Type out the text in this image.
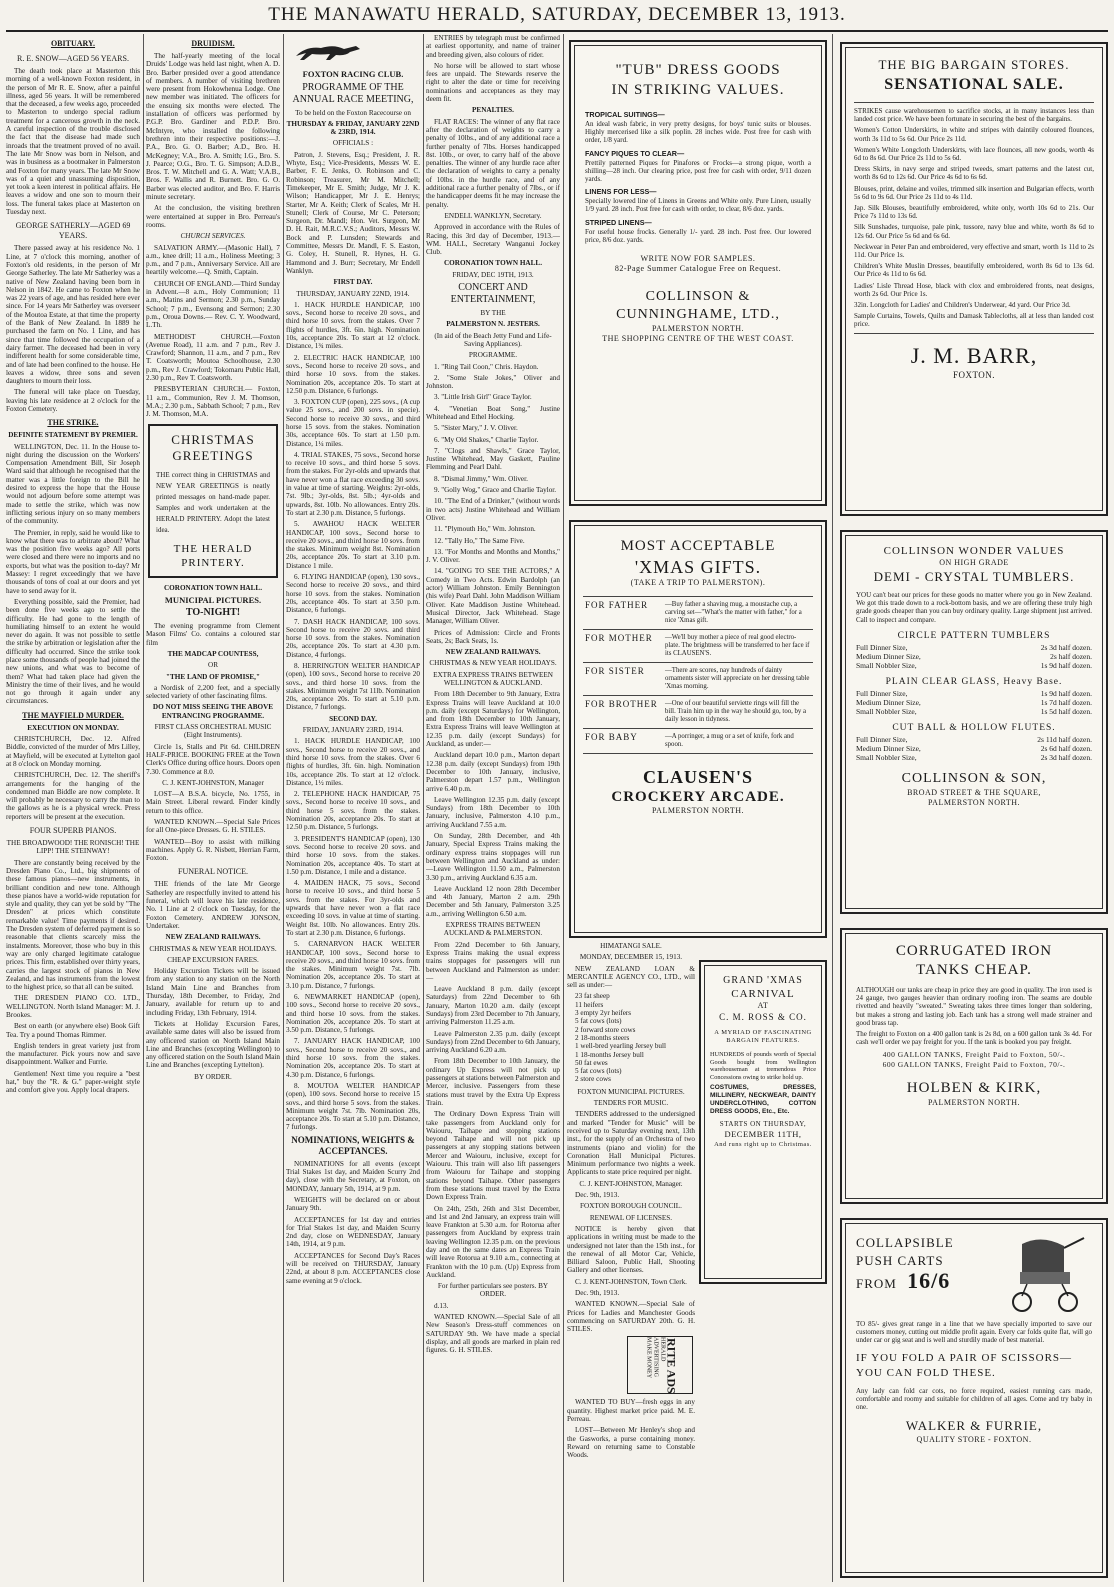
THE MANAWATU HERALD, SATURDAY, DECEMBER 13, 1913.
OBITUARY.
R. E. SNOW—AGED 56 YEARS.

The death took place at Masterton this morning of a well-known Foxton resident, in the person of Mr R. E. Snow, after a painful illness, aged 56 years. It will be remembered that the deceased, a few weeks ago, proceeded to Masterton to undergo special radium treatment for a cancerous growth in the neck. A careful inspection of the trouble disclosed the fact that the disease had made such inroads that the treatment proved of no avail. The late Mr Snow was born in Nelson, and was in business as a bootmaker in Palmerston and Foxton for many years. The late Mr Snow was of a quiet and unassuming disposition, yet took a keen interest in political affairs. He leaves a widow and one son to mourn their loss. The funeral takes place at Masterton on Tuesday next.

GEORGE SATHERLY—AGED 69 YEARS.

There passed away at his residence No. 1 Line, at 7 o'clock this morning, another of Foxton's old residents, in the person of Mr George Satherley. The late Mr Satherley was a native of New Zealand having been born in Nelson in 1842. He came to Foxton when he was 22 years of age, and has resided here ever since. For 14 years Mr Satherley was overseer of the Moutoa Estate, at that time the property of the Bank of New Zealand. In 1889 he purchased the farm on No. 1 Line, and has since that time followed the occupation of a dairy farmer. The deceased had been in very indifferent health for some considerable time, and of late had been confined to the house. He leaves a widow, three sons and seven daughters to mourn their loss.

The funeral will take place on Tuesday, leaving his late residence at 2 o'clock for the Foxton Cemetery.

THE STRIKE.

DEFINITE STATEMENT BY PREMIER.

WELLINGTON, Dec. 11. In the House to-night during the discussion on the Workers' Compensation Amendment Bill, Sir Joseph Ward said that although he recognised that the matter was a little foreign to the Bill he desired to express the hope that the House would not adjourn before some attempt was made to settle the strike, which was now inflicting serious injury on so many members of the community.

The Premier, in reply, said he would like to know what there was to arbitrate about? What was the position five weeks ago? All ports were closed and there were no imports and no exports, but what was the position to-day? Mr Massey: I regret exceedingly that we have thousands of tons of coal at our doors and yet have to send away for it.

Everything possible, said the Premier, had been done five weeks ago to settle the difficulty. He had gone to the length of humiliating himself to an extent he would never do again. It was not possible to settle the strike by arbitration or legislation after the difficulty had occurred. Since the strike took place some thousands of people had joined the new unions, and what was to become of them? What had taken place had given the Ministry the time of their lives, and he would not go through it again under any circumstances.

THE MAYFIELD MURDER.

EXECUTION ON MONDAY.

CHRISTCHURCH, Dec. 12. Alfred Biddle, convicted of the murder of Mrs Lilley, at Mayfield, will be executed at Lyttelton gaol at 8 o'clock on Monday morning.

CHRISTCHURCH, Dec. 12. The sheriff's arrangements for the hanging of the condemned man Biddle are now complete. It will probably be necessary to carry the man to the gallows as he is a physical wreck. Press reporters will be present at the execution.

FOUR SUPERB PIANOS.

THE BROADWOOD! THE RONISCH! THE LIPP! THE STEINWAY!

There are constantly being received by the Dresden Piano Co., Ltd., big shipments of these famous pianos—new instruments, in brilliant condition and new tone. Although these pianos have a world-wide reputation for style and quality, they can yet be sold by "The Dresden" at prices which constitute remarkable value! Time payments if desired. The Dresden system of deferred payment is so reasonable that clients scarcely miss the instalments. Moreover, those who buy in this way are only charged legitimate catalogue prices. This firm, established over thirty years, carries the largest stock of pianos in New Zealand, and has instruments from the lowest to the highest price, so that all can be suited.

THE DRESDEN PIANO CO. LTD., WELLINGTON. North Island Manager: M. J. Brookes.

Best on earth (or anywhere else) Book Gift Tea. Try a pound Thomas Rimmer.

English tenders in great variety just from the manufacturer. Pick yours now and save disappointment. Walker and Furrie.

Gentlemen! Next time you require a "best hat," buy the "R. & G." paper-weight style and comfort give you. Apply local drapers.

DRUIDISM.

The half-yearly meeting of the local Druids' Lodge was held last night, when A. D. Bro. Barber presided over a good attendance of members. A number of visiting brethren were present from Hokowhenua Lodge. One new member was initiated. The officers for the ensuing six months were elected. The installation of officers was performed by P.G.P. Bro. Gardiner and P.D.P. Bro. McIntyre, who installed the following brethren into their respective positions:—J. P.A., Bro. G. O. Barber; A.D., Bro. H. McKegney; V.A., Bro. A. Smith; I.G., Bro. S. J. Pearce; O.G., Bro. T. G. Simpson; A.D.B., Bros. T. W. Mitchell and G. A. Watt; V.A.B., Bros. F. Wallis and R. Burnett. Bro. G. O. Barber was elected auditor, and Bro. F. Harris minute secretary.

At the conclusion, the visiting brethren were entertained at supper in Bro. Perreau's rooms.

CHURCH SERVICES.

SALVATION ARMY.—(Masonic Hall), 7 a.m., knee drill; 11 a.m., Holiness Meeting; 3 p.m., and 7 p.m., Anniversary Service. All are heartily welcome.—Q. Smith, Captain.

CHURCH OF ENGLAND.—Third Sunday in Advent.—8 a.m., Holy Communion; 11 a.m., Matins and Sermon; 2.30 p.m., Sunday School; 7 p.m., Evensong and Sermon; 2.30 p.m., Oroua Downs.— Rev. C. Y. Woodward, L.Th.

METHODIST CHURCH.—Foxton (Avenue Road), 11 a.m. and 7 p.m., Rev J. Crawford; Shannon, 11 a.m., and 7 p.m., Rev T. Coatsworth; Moutoa Schoolhouse, 2.30 p.m., Rev J. Crawford; Tokomaru Public Hall, 2.30 p.m., Rev T. Coatsworth.

PRESBYTERIAN CHURCH.— Foxton, 11 a.m., Communion, Rev J. M. Thomson, M.A.; 2.30 p.m., Sabbath School; 7 p.m., Rev J. M. Thomson, M.A.

CHRISTMAS GREETINGS
THE correct thing in CHRISTMAS and NEW YEAR GREETINGS is neatly printed messages on hand-made paper. Samples and work undertaken at the HERALD PRINTERY. Adopt the latest idea.
THE HERALD PRINTERY.

CORONATION TOWN HALL.

MUNICIPAL PICTURES.

TO-NIGHT!

The evening programme from Clement Mason Films' Co. contains a coloured star film

THE MADCAP COUNTESS,

OR

"THE LAND OF PROMISE,"

a Nordisk of 2,200 feet, and a specially selected variety of other fascinating films.

DO NOT MISS SEEING THE ABOVE ENTRANCING PROGRAMME.

FIRST CLASS ORCHESTRAL MUSIC (Eight Instruments).

Circle 1s, Stalls and Pit 6d. CHILDREN HALF-PRICE. BOOKING FREE at the Town Clerk's Office during office hours. Doors open 7.30. Commence at 8.0.

C. J. KENT-JOHNSTON, Manager

LOST—A B.S.A. bicycle, No. 1755, in Main Street. Liberal reward. Finder kindly return to this office.

WANTED KNOWN.—Special Sale Prices for all One-piece Dresses. G. H. STILES.

WANTED—Boy to assist with milking machines. Apply G. R. Nisbett, Herrian Farm, Foxton.

FUNERAL NOTICE.

THE friends of the late Mr George Satherley are respectfully invited to attend his funeral, which will leave his late residence, No. 1 Line at 2 o'clock on Tuesday, for the Foxton Cemetery. ANDREW JONSON, Undertaker.

NEW ZEALAND RAILWAYS.

CHRISTMAS & NEW YEAR HOLIDAYS.

CHEAP EXCURSION FARES.

Holiday Excursion Tickets will be issued from any station to any station on the North Island Main Line and Branches from Thursday, 18th December, to Friday, 2nd January, available for return up to and including Friday, 13th February, 1914.

Tickets at Holiday Excursion Fares, available same dates will also be issued from any officered station on North Island Main Line and Branches (excepting Wellington) to any officered station on the South Island Main Line and Branches (excepting Lyttelton).

BY ORDER.

FOXTON RACING CLUB.

PROGRAMME OF THE ANNUAL RACE MEETING,

To be held on the Foxton Racecourse on

THURSDAY & FRIDAY, JANUARY 22ND & 23RD, 1914.

OFFICIALS :

Patron, J. Stevens, Esq.; President, J. R. Whyte, Esq.; Vice-Presidents, Messrs W. E. Barber, F. E. Jenks, O. Robinson and C. Robinson; Treasurer, Mr M. Mitchell; Timekeeper, Mr E. Smith; Judge, Mr J. K. Wilson; Handicapper, Mr J. E. Henrys; Starter, Mr A. Keith; Clerk of Scales, Mr H. Stunell; Clerk of Course, Mr C. Peterson; Surgeon, Dr. Mandl; Hon. Vet. Surgeon, Mr D. H. Rait, M.R.C.V.S.; Auditors, Messrs W. Bock and P. Lunsden; Stewards and Committee, Messrs Dr. Mandl, F. S. Easton, G. Coley, H. Stunell, R. Hynes, H. G. Hammond and J. Burr; Secretary, Mr Endell Wanklyn.

FIRST DAY.

THURSDAY, JANUARY 22ND, 1914.

1. HACK HURDLE HANDICAP, 100 sovs., Second horse to receive 20 sovs., and third horse 10 sovs. from the stakes. Over 7 flights of hurdles, 3ft. 6in. high. Nomination 10s, acceptance 20s. To start at 12 o'clock. Distance, 1¾ miles.

2. ELECTRIC HACK HANDICAP, 100 sovs., Second horse to receive 20 sovs., and third horse 10 sovs. from the stakes. Nomination 20s, acceptance 20s. To start at 12.50 p.m. Distance, 6 furlongs.

3. FOXTON CUP (open), 225 sovs., (A cup value 25 sovs., and 200 sovs. in specie). Second horse to receive 30 sovs., and third horse 15 sovs. from the stakes. Nomination 30s, acceptance 60s. To start at 1.50 p.m. Distance, 1¼ miles.

4. TRIAL STAKES, 75 sovs., Second horse to receive 10 sovs., and third horse 5 sovs. from the stakes. For 2yr-olds and upwards that have never won a flat race exceeding 30 sovs. in value at time of starting. Weights: 2yr-olds, 7st. 9lb.; 3yr-olds, 8st. 5lb.; 4yr-olds and upwards, 8st. 10lb. No allowances. Entry 20s. To start at 2.30 p.m. Distance, 5 furlongs.

5. AWAHOU HACK WELTER HANDICAP, 100 sovs., Second horse to receive 20 sovs., and third horse 10 sovs. from the stakes. Minimum weight 8st. Nomination 20s, acceptance 20s. To start at 3.10 p.m. Distance 1 mile.

6. FLYING HANDICAP (open), 130 sovs., Second horse to receive 20 sovs., and third horse 10 sovs. from the stakes. Nomination 20s, acceptance 40s. To start at 3.50 p.m. Distance, 6 furlongs.

7. DASH HACK HANDICAP, 100 sovs. Second horse to receive 20 sovs. and third horse 10 sovs. from the stakes. Nomination 20s, acceptance 20s. To start at 4.30 p.m. Distance, 4 furlongs.

8. HERRINGTON WELTER HANDICAP (open), 100 sovs., Second horse to receive 20 sovs., and third horse 10 sovs. from the stakes. Minimum weight 7st 11lb. Nomination 20s, acceptance 20s. To start at 5.10 p.m. Distance, 7 furlongs.

SECOND DAY.

FRIDAY, JANUARY 23RD, 1914.

1. HACK HURDLE HANDICAP, 100 sovs., Second horse to receive 20 sovs., and third horse 10 sovs. from the stakes. Over 6 flights of hurdles, 3ft. 6in. high. Nomination 10s, acceptance 20s. To start at 12 o'clock. Distance, 1½ miles.

2. TELEPHONE HACK HANDICAP, 75 sovs., Second horse to receive 10 sovs., and third horse 5 sovs. from the stakes. Nomination 20s, acceptance 20s. To start at 12.50 p.m. Distance, 5 furlongs.

3. PRESIDENT'S HANDICAP (open), 130 sovs. Second horse to receive 20 sovs. and third horse 10 sovs. from the stakes. Nomination 20s, acceptance 40s. To start at 1.50 p.m. Distance, 1 mile and a distance.

4. MAIDEN HACK, 75 sovs., Second horse to receive 10 sovs., and third horse 5 sovs. from the stakes. For 3yr-olds and upwards that have never won a flat race exceeding 10 sovs. in value at time of starting. Weight 8st. 10lb. No allowances. Entry 20s. To start at 2.30 p.m. Distance, 6 furlongs.

5. CARNARVON HACK WELTER HANDICAP, 100 sovs., Second horse to receive 20 sovs., and third horse 10 sovs. from the stakes. Minimum weight 7st. 7lb. Nomination 20s, acceptance 20s. To start at 3.10 p.m. Distance, 7 furlongs.

6. NEWMARKET HANDICAP (open), 100 sovs., Second horse to receive 20 sovs., and third horse 10 sovs. from the stakes. Nomination 20s, acceptance 20s. To start at 3.50 p.m. Distance, 5 furlongs.

7. JANUARY HACK HANDICAP, 100 sovs., Second horse to receive 20 sovs., and third horse 10 sovs. from the stakes. Nomination 20s, acceptance 20s. To start at 4.30 p.m. Distance, 6 furlongs.

8. MOUTOA WELTER HANDICAP (open), 100 sovs. Second horse to receive 15 sovs., and third horse 5 sovs. from the stakes. Minimum weight 7st. 7lb. Nomination 20s, acceptance 20s. To start at 5.10 p.m. Distance, 7 furlongs.

NOMINATIONS, WEIGHTS & ACCEPTANCES.

NOMINATIONS for all events (except Trial Stakes 1st day, and Maiden Scurry 2nd day), close with the Secretary, at Foxton, on MONDAY, January 5th, 1914, at 9 p.m.

WEIGHTS will be declared on or about January 9th.

ACCEPTANCES for 1st day and entries for Trial Stakes 1st day, and Maiden Scurry 2nd day, close on WEDNESDAY, January 14th, 1914, at 9 p.m.

ACCEPTANCES for Second Day's Races will be received on THURSDAY, January 22nd, at about 8 p.m. ACCEPTANCES close same evening at 9 o'clock.

ENTRIES by telegraph must be confirmed at earliest opportunity, and name of trainer and breeding given, also colours of rider.

No horse will be allowed to start whose fees are unpaid. The Stewards reserve the right to alter the date or time for receiving nominations and acceptances as they may deem fit.

PENALTIES.

FLAT RACES: The winner of any flat race after the declaration of weights to carry a penalty of 10lbs., and of any additional race a further penalty of 7lbs. Horses handicapped 8st. 10lb., or over, to carry half of the above penalties. The winner of any hurdle race after the declaration of weights to carry a penalty of 10lbs. in the hurdle race, and of any additional race a further penalty of 7lbs., or if the handicapper deems fit he may increase the penalty.

ENDELL WANKLYN, Secretary.

Approved in accordance with the Rules of Racing, this 3rd day of December, 1913.—WM. HALL, Secretary Wanganui Jockey Club.

CORONATION TOWN HALL.

FRIDAY, DEC 19TH, 1913.

CONCERT AND ENTERTAINMENT,

BY THE

PALMERSTON N. JESTERS.

(In aid of the Beach Jetty Fund and Life-Saving Appliances).

PROGRAMME.

1. "Ring Tail Coon," Chris. Haydon.

2. "Some Stale Jokes," Oliver and Johnston.

3. "Little Irish Girl" Grace Taylor.

4. "Venetian Boat Song," Justine Whitehead and Ethel Hocking.

5. "Sister Mary," J. V. Oliver.

6. "My Old Shakes," Charlie Taylor.

7. "Clogs and Shawls," Grace Taylor, Justine Whitehead, May Gaskett, Pauline Flemming and Pearl Dahl.

8. "Dismal Jimmy," Wm. Oliver.

9. "Golly Wog," Grace and Charlie Taylor.

10. "The End of a Drinker," (without words in two acts) Justine Whitehead and William Oliver.

11. "Plymouth Ho," Wm. Johnston.

12. "Tally Ho," The Same Five.

13. "For Months and Months and Months," J. V. Oliver.

14. "GOING TO SEE THE ACTORS," A Comedy in Two Acts. Edwin Bardolph (an actor) William Johnston. Emily Bennington (his wife) Pearl Dahl. John Maddison William Oliver. Kate Maddison Justine Whitehead. Musical Director, Jack Whitehead. Stage Manager, William Oliver.

Prices of Admission: Circle and Fronts Seats, 2s; Back Seats, 1s.

NEW ZEALAND RAILWAYS.

CHRISTMAS & NEW YEAR HOLIDAYS.

EXTRA EXPRESS TRAINS BETWEEN WELLINGTON & AUCKLAND.

From 18th December to 9th January, Extra Express Trains will leave Auckland at 10.0 p.m. daily (except Saturdays) for Wellington, and from 18th December to 10th January, Extra Express Trains will leave Wellington at 12.35 p.m. daily (except Sundays) for Auckland, as under:—

Auckland depart 10.0 p.m., Marton depart 12.38 p.m. daily (except Sundays) from 19th December to 10th January, inclusive, Palmerston depart 1.57 p.m., Wellington arrive 6.40 p.m.

Leave Wellington 12.35 p.m. daily (except Sundays) from 18th December to 10th January, inclusive, Palmerston 4.10 p.m., arriving Auckland 7.55 a.m.

On Sunday, 28th December, and 4th January, Special Express Trains making the ordinary express trains stoppages will run between Wellington and Auckland as under:—Leave Wellington 11.50 a.m., Palmerston 3.30 p.m., arriving Auckland 6.35 a.m.

Leave Auckland 12 noon 28th December and 4th January, Marton 2 a.m. 29th December and 5th January, Palmerston 3.25 a.m., arriving Wellington 6.50 a.m.

EXPRESS TRAINS BETWEEN AUCKLAND & PALMERSTON.

From 22nd December to 6th January, Express Trains making the usual express trains stoppages for passengers will run between Auckland and Palmerston as under:—

Leave Auckland 8 p.m. daily (except Saturdays) from 22nd December to 6th January, Marton 10.20 a.m. daily (except Sundays) from 23rd December to 7th January, arriving Palmerston 11.25 a.m.

Leave Palmerston 2.35 p.m. daily (except Sundays) from 22nd December to 6th January, arriving Auckland 6.20 a.m.

From 18th December to 10th January, the ordinary Up Express will not pick up passengers at stations between Palmerston and Mercer, inclusive. Passengers from these stations must travel by the Extra Up Express Train.

The Ordinary Down Express Train will take passengers from Auckland only for Waiouru, Taihape and stopping stations beyond Taihape and will not pick up passengers at any stopping stations between Mercer and Waiouru, inclusive, except for Waiouru. This train will also lift passengers from Waiouru for Taihape and stopping stations beyond Taihape. Other passengers from these stations must travel by the Extra Down Express Train.

On 24th, 25th, 26th and 31st December, and 1st and 2nd January, an express train will leave Frankton at 5.30 a.m. for Rotorua after passengers from Auckland by express train leaving Wellington 12.35 p.m. on the previous day and on the same dates an Express Train will leave Rotorua at 9.10 a.m., connecting at Frankton with the 10 p.m. (Up) Express from Auckland.

For further particulars see posters. BY ORDER.

d.13.

WANTED KNOWN.—Special Sale of all New Season's Dress-stuff commences on SATURDAY 9th. We have made a special display, and all goods are marked in plain red figures. G. H. STILES.

"TUB" DRESS GOODS
IN STRIKING VALUES.
TROPICAL SUITINGS—

An ideal wash fabric, in very pretty designs, for boys' tunic suits or blouses. Highly mercerised like a silk poplin. 28 inches wide. Post free for cash with order, 1/8 yard.

FANCY PIQUES TO CLEAR—

Prettily patterned Piques for Pinafores or Frocks—a strong pique, worth a shilling—28 inch. Our clearing price, post free for cash with order, 9/11 dozen yards.

LINENS FOR LESS—

Specially lowered line of Linens in Greens and White only. Pure Linen, usually 1/9 yard. 28 inch. Post free for cash with order, to clear, 8/6 doz. yards.

STRIPED LINENS—

For useful house frocks. Generally 1/- yard. 28 inch. Post free. Our lowered price, 8/6 doz. yards.

WRITE NOW FOR SAMPLES.
82-Page Summer Catalogue Free on Request.
COLLINSON &
CUNNINGHAME, LTD.,
PALMERSTON NORTH.
THE SHOPPING CENTRE OF THE WEST COAST.
MOST ACCEPTABLE
'XMAS GIFTS.
(TAKE A TRIP TO PALMERSTON).
FOR FATHER	—Buy father a shaving mug, a moustache cup, a carving set—"What's the matter with father," for a nice 'Xmas gift.
FOR MOTHER	—We'll buy mother a piece of real good electro-plate. The brightness will be transferred to her face if its CLAUSEN'S.
FOR SISTER	—There are scores, nay hundreds of dainty ornaments sister will appreciate on her dressing table 'Xmas morning.
FOR BROTHER	—One of our beautiful serviette rings will fill the bill. Train him up in the way he should go, too, by a daily lesson in tidyness.
FOR BABY	—A porringer, a mug or a set of knife, fork and spoon.
CLAUSEN'S
CROCKERY ARCADE.
PALMERSTON NORTH.

HIMATANGI SALE.

MONDAY, DECEMBER 15, 1913.

NEW ZEALAND LOAN & MERCANTILE AGENCY CO., LTD., will sell as under:—

23 fat sheep
11 heifers
3 empty 2yr heifers
5 fat cows (lots)
2 forward store cows
2 18-months steers
1 well-bred yearling Jersey bull
1 18-months Jersey bull
50 fat ewes
5 fat cows (lots)
2 store cows

FOXTON MUNICIPAL PICTURES.

TENDERS FOR MUSIC.

TENDERS addressed to the undersigned and marked "Tender for Music" will be received up to Saturday evening next, 13th inst., for the supply of an Orchestra of two instruments (piano and violin) for the Coronation Hall Municipal Pictures. Minimum performance two nights a week. Applicants to state price required per night.

C. J. KENT-JOHNSTON, Manager.

Dec. 9th, 1913.

FOXTON BOROUGH COUNCIL.

RENEWAL OF LICENSES.

NOTICE is hereby given that applications in writing must be made to the undersigned not later than the 15th inst., for the renewal of all Motor Car, Vehicle, Billiard Saloon, Public Hall, Shooting Gallery and other licenses.

C. J. KENT-JOHNSTON, Town Clerk.

Dec. 9th, 1913.

WANTED KNOWN.—Special Sale of Prices for Ladies and Manchester Goods commencing on SATURDAY 20th. G. H. STILES.

HERALD ADVERTISING MAKE MONEY	RITE ADS

WANTED TO BUY—fresh eggs in any quantity. Highest market price paid. M. E. Perreau.

LOST—Between Mr Henley's shop and the Gasworks, a purse containing money. Reward on returning same to Constable Woods.

GRAND 'XMAS
CARNIVAL
AT
C. M. ROSS & CO.
A MYRIAD OF FASCINATING BARGAIN FEATURES.

HUNDREDS of pounds worth of Special Goods bought from Wellington warehouseman at tremendous Price Concessions owing to strike hold up.

COSTUMES, DRESSES, MILLINERY, NECKWEAR, DAINTY UNDERCLOTHING, COTTON DRESS GOODS, Etc., Etc.

STARTS ON THURSDAY,
DECEMBER 11TH,
And runs right up to Christmas.
THE BIG BARGAIN STORES.
SENSATIONAL SALE.

STRIKES cause warehousemen to sacrifice stocks, at in many instances less than landed cost price. We have been fortunate in securing the best of the bargains.

Women's Cotton Underskirts, in white and stripes with daintily coloured flounces, worth 3s 11d to 5s 6d. Our Price 2s 11d.

Women's White Longcloth Underskirts, with lace flounces, all new goods, worth 4s 6d to 8s 6d. Our Price 2s 11d to 5s 6d.

Dress Skirts, in navy serge and striped tweeds, smart patterns and the latest cut, worth 8s 6d to 12s 6d. Our Price 4s 6d to 6s 6d.

Blouses, print, delaine and voiles, trimmed silk insertion and Bulgarian effects, worth 5s 6d to 9s 6d. Our Price 2s 11d to 4s 11d.

Jap. Silk Blouses, beautifully embroidered, white only, worth 10s 6d to 21s. Our Price 7s 11d to 13s 6d.

Silk Sunshades, turquoise, pale pink, tussore, navy blue and white, worth 8s 6d to 12s 6d. Our Price 5s 6d and 6s 6d.

Neckwear in Peter Pan and embroidered, very effective and smart, worth 1s 11d to 2s 11d. Our Price 1s.

Children's White Muslin Dresses, beautifully embroidered, worth 8s 6d to 13s 6d. Our Price 4s 11d to 6s 6d.

Ladies' Lisle Thread Hose, black with clox and embroidered fronts, neat designs, worth 2s 6d. Our Price 1s.

32in. Longcloth for Ladies' and Children's Underwear, 4d yard. Our Price 3d.

Sample Curtains, Towels, Quilts and Damask Tablecloths, all at less than landed cost price.

J. M. BARR,
FOXTON.
COLLINSON WONDER VALUES
ON HIGH GRADE
DEMI - CRYSTAL TUMBLERS.

YOU can't beat our prices for these goods no matter where you go in New Zealand. We got this trade down to a rock-bottom basis, and we are offering these truly high grade goods cheaper than you can buy ordinary quality. Large shipment just arrived. Call to inspect and compare.

CIRCLE PATTERN TUMBLERS
Full Dinner Size,	2s 3d half dozen.
Medium Dinner Size,	2s half dozen.
Small Nobbler Size,	1s 9d half dozen.
PLAIN CLEAR GLASS, Heavy Base.
Full Dinner Size,	1s 9d half dozen.
Medium Dinner Size,	1s 7d half dozen.
Small Nobbler Size,	1s 5d half dozen.
CUT BALL & HOLLOW FLUTES.
Full Dinner Size,	2s 11d half dozen.
Medium Dinner Size,	2s 6d half dozen.
Small Nobbler Size,	2s 3d half dozen.
COLLINSON & SON,
BROAD STREET & THE SQUARE,
PALMERSTON NORTH.
CORRUGATED IRON
TANKS CHEAP.

ALTHOUGH our tanks are cheap in price they are good in quality. The iron used is 24 gauge, two gauges heavier than ordinary roofing iron. The seams are double rivetted and heavily "sweated." Sweating takes three times longer than soldering, but makes a strong and lasting job. Each tank has a strong well made strainer and good brass tap.

The freight to Foxton on a 400 gallon tank is 2s 8d, on a 600 gallon tank 3s 4d. For cash we'll order we pay freight for you. If the tank is booked you pay freight.

400 GALLON TANKS, Freight Paid to Foxton, 50/-.
600 GALLON TANKS, Freight Paid to Foxton, 70/-.
HOLBEN & KIRK,
PALMERSTON NORTH.
COLLAPSIBLE
PUSH CARTS
FROM 16/6

TO 85/- gives great range in a line that we have specially imported to save our customers money, cutting out middle profit again. Every car folds quite flat, will go under car or gig seat and is well and sturdily made of best material.

IF YOU FOLD A PAIR OF SCISSORS—YOU CAN FOLD THESE.

Any lady can fold car cots, no force required, easiest running cars made, comfortable and roomy and suitable for children of all ages. Come and try baby in one.

WALKER & FURRIE,
QUALITY STORE - FOXTON.
